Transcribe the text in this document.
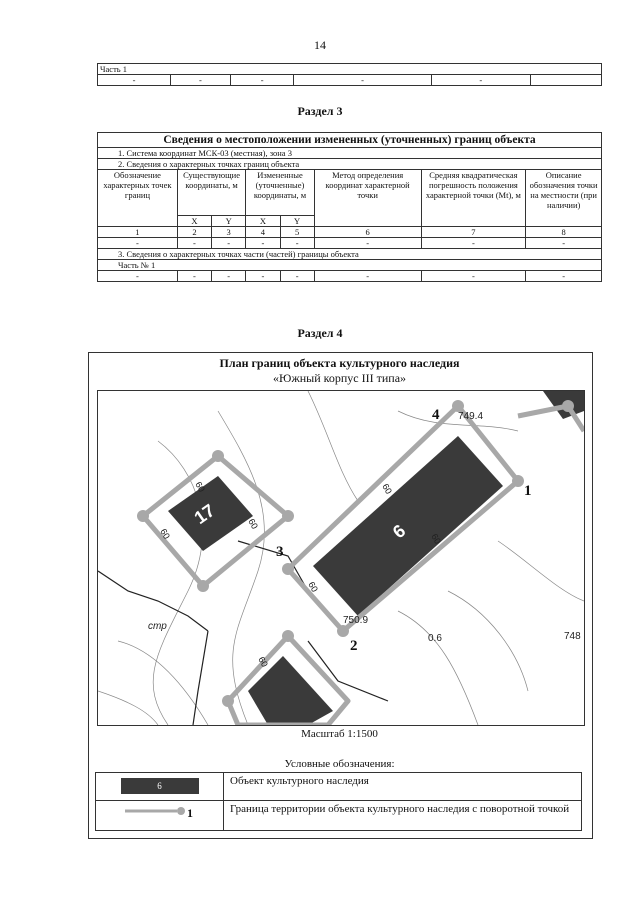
14
Часть 1
-	-	-	-	-	
Раздел 3
Сведения о местоположении измененных (уточненных) границ объекта							
1. Система координат МСК-03 (местная), зона 3							
2. Сведения о характерных точках границ объекта							
Обозначение характерных точек границ	Существующие координаты, м		Измененные (уточненные) координаты, м		Метод определения координат характерной точки	Средняя квадратическая погрешность положения характерной точки (Mt), м	Описание обозначения точки на местности (при наличии)
	X	Y	X	Y			
1	2	3	4	5	6	7	8
-	-	-	-	-	-	-	-
3. Сведения о характерных точках части (частей) границы объекта							
Часть № 1							
-	-	-	-	-	-	-	-
Раздел 4
План границ объекта культурного наследия
«Южный корпус III типа»
17
6
1
2
3
4
60
60
60
60
60
60
60
749.4
750.9
748
0.6
стр
Масштаб 1:1500
Условные обозначения:
6	Объект культурного наследия

1	Граница территории объекта культурного наследия с поворотной точкой
